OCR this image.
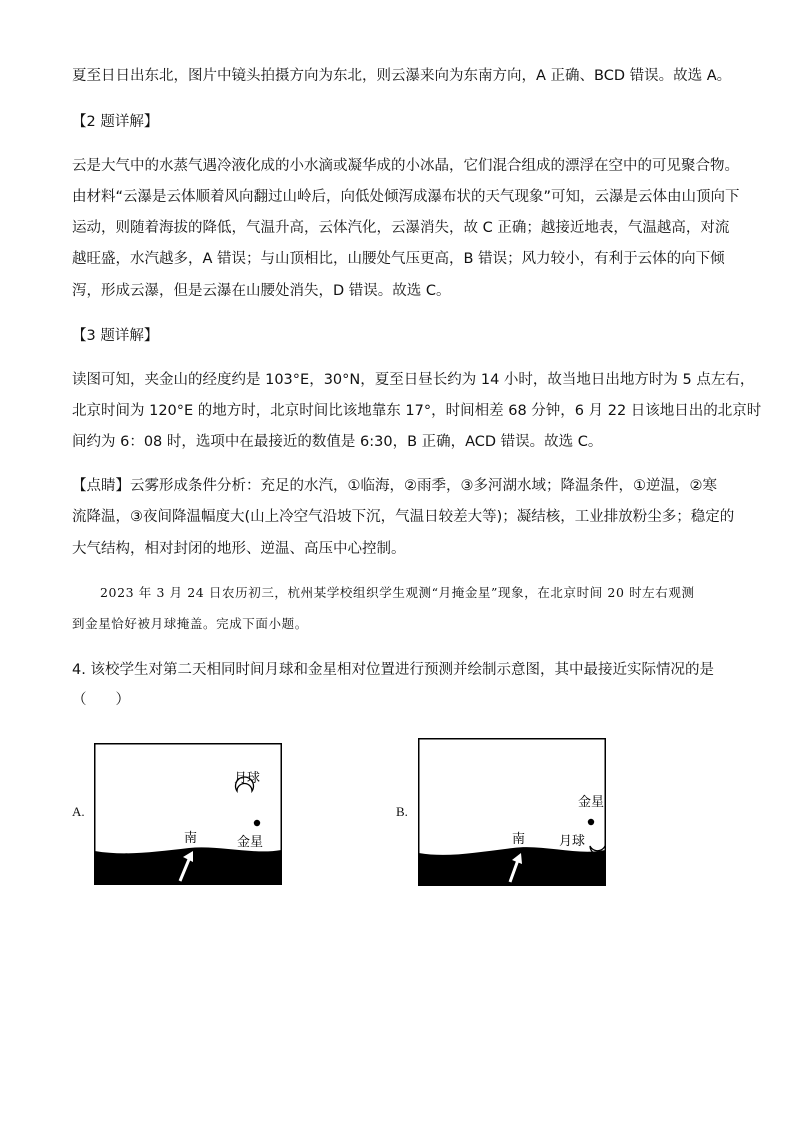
夏至日日出东北，图片中镜头拍摄方向为东北，则云瀑来向为东南方向，A 正确、BCD 错误。故选 A。
【2 题详解】
云是大气中的水蒸气遇冷液化成的小水滴或凝华成的小冰晶，它们混合组成的漂浮在空中的可见聚合物。
由材料“云瀑是云体顺着风向翻过山岭后，向低处倾泻成瀑布状的天气现象”可知，云瀑是云体由山顶向下
运动，则随着海拔的降低，气温升高，云体汽化，云瀑消失，故 C 正确；越接近地表，气温越高，对流
越旺盛，水汽越多，A 错误；与山顶相比，山腰处气压更高，B 错误；风力较小，有利于云体的向下倾
泻，形成云瀑，但是云瀑在山腰处消失，D 错误。故选 C。
【3 题详解】
读图可知，夹金山的经度约是 103°E，30°N，夏至日昼长约为 14 小时，故当地日出地方时为 5 点左右，
北京时间为 120°E 的地方时，北京时间比该地靠东 17°，时间相差 68 分钟，6 月 22 日该地日出的北京时
间约为 6：08 时，选项中在最接近的数值是 6:30，B 正确，ACD 错误。故选 C。
【点睛】云雾形成条件分析：充足的水汽，①临海，②雨季，③多河湖水域；降温条件，①逆温，②寒
流降温，③夜间降温幅度大(山上冷空气沿坡下沉，气温日较差大等)；凝结核，工业排放粉尘多；稳定的
大气结构，相对封闭的地形、逆温、高压中心控制。
2023 年 3 月 24 日农历初三，杭州某学校组织学生观测“月掩金星”现象，在北京时间 20 时左右观测
到金星恰好被月球掩盖。完成下面小题。
4. 该校学生对第二天相同时间月球和金星相对位置进行预测并绘制示意图，其中最接近实际情况的是
（　　）
A.
月球
金星
南
B.
金星
月球
南
